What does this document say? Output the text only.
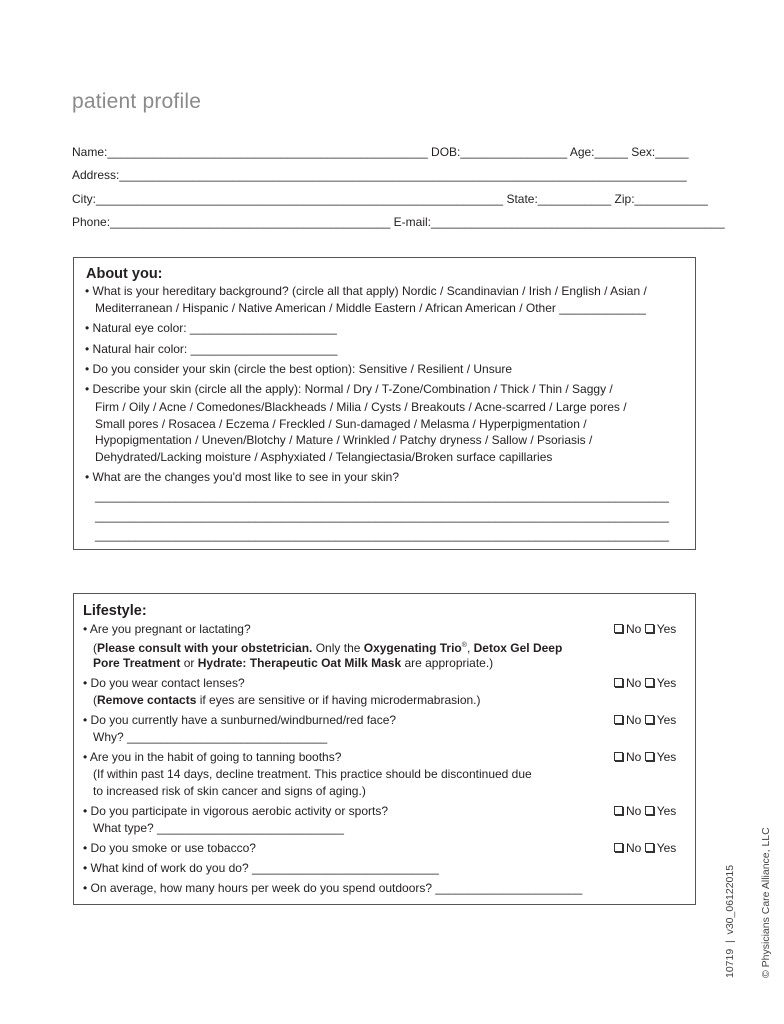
patient profile
Name:________________________________________________ DOB:________________ Age:_____ Sex:_____
Address:_____________________________________________________________________________________
City:_____________________________________________________________ State:___________ Zip:___________
Phone:__________________________________________ E-mail:____________________________________________
About you:
• What is your hereditary background? (circle all that apply) Nordic / Scandinavian / Irish / English / Asian /
Mediterranean / Hispanic / Native American / Middle Eastern / African American / Other _____________
• Natural eye color: ______________________
• Natural hair color: ______________________
• Do you consider your skin (circle the best option): Sensitive / Resilient / Unsure
• Describe your skin (circle all the apply): Normal / Dry / T-Zone/Combination / Thick / Thin / Saggy /
Firm / Oily / Acne / Comedones/Blackheads / Milia / Cysts / Breakouts / Acne-scarred / Large pores /
Small pores / Rosacea / Eczema / Freckled / Sun-damaged / Melasma / Hyperpigmentation /
Hypopigmentation / Uneven/Blotchy / Mature / Wrinkled / Patchy dryness / Sallow / Psoriasis /
Dehydrated/Lacking moisture / Asphyxiated / Telangiectasia/Broken surface capillaries
• What are the changes you'd most like to see in your skin?
______________________________________________________________________________________
______________________________________________________________________________________
______________________________________________________________________________________
Lifestyle:
• Are you pregnant or lactating?
(Please consult with your obstetrician. Only the Oxygenating Trio®, Detox Gel Deep
Pore Treatment or Hydrate: Therapeutic Oat Milk Mask are appropriate.)
No Yes
• Do you wear contact lenses?
(Remove contacts if eyes are sensitive or if having microdermabrasion.)
No Yes
• Do you currently have a sunburned/windburned/red face?
Why? ______________________________
No Yes
• Are you in the habit of going to tanning booths?
(If within past 14 days, decline treatment. This practice should be discontinued due
to increased risk of skin cancer and signs of aging.)
No Yes
• Do you participate in vigorous aerobic activity or sports?
What type? ____________________________
No Yes
• Do you smoke or use tobacco?	No Yes
• What kind of work do you do? ____________________________
• On average, how many hours per week do you spend outdoors? ______________________

	10719  |  v30_06122015

© Physicians Care Alliance, LLC
